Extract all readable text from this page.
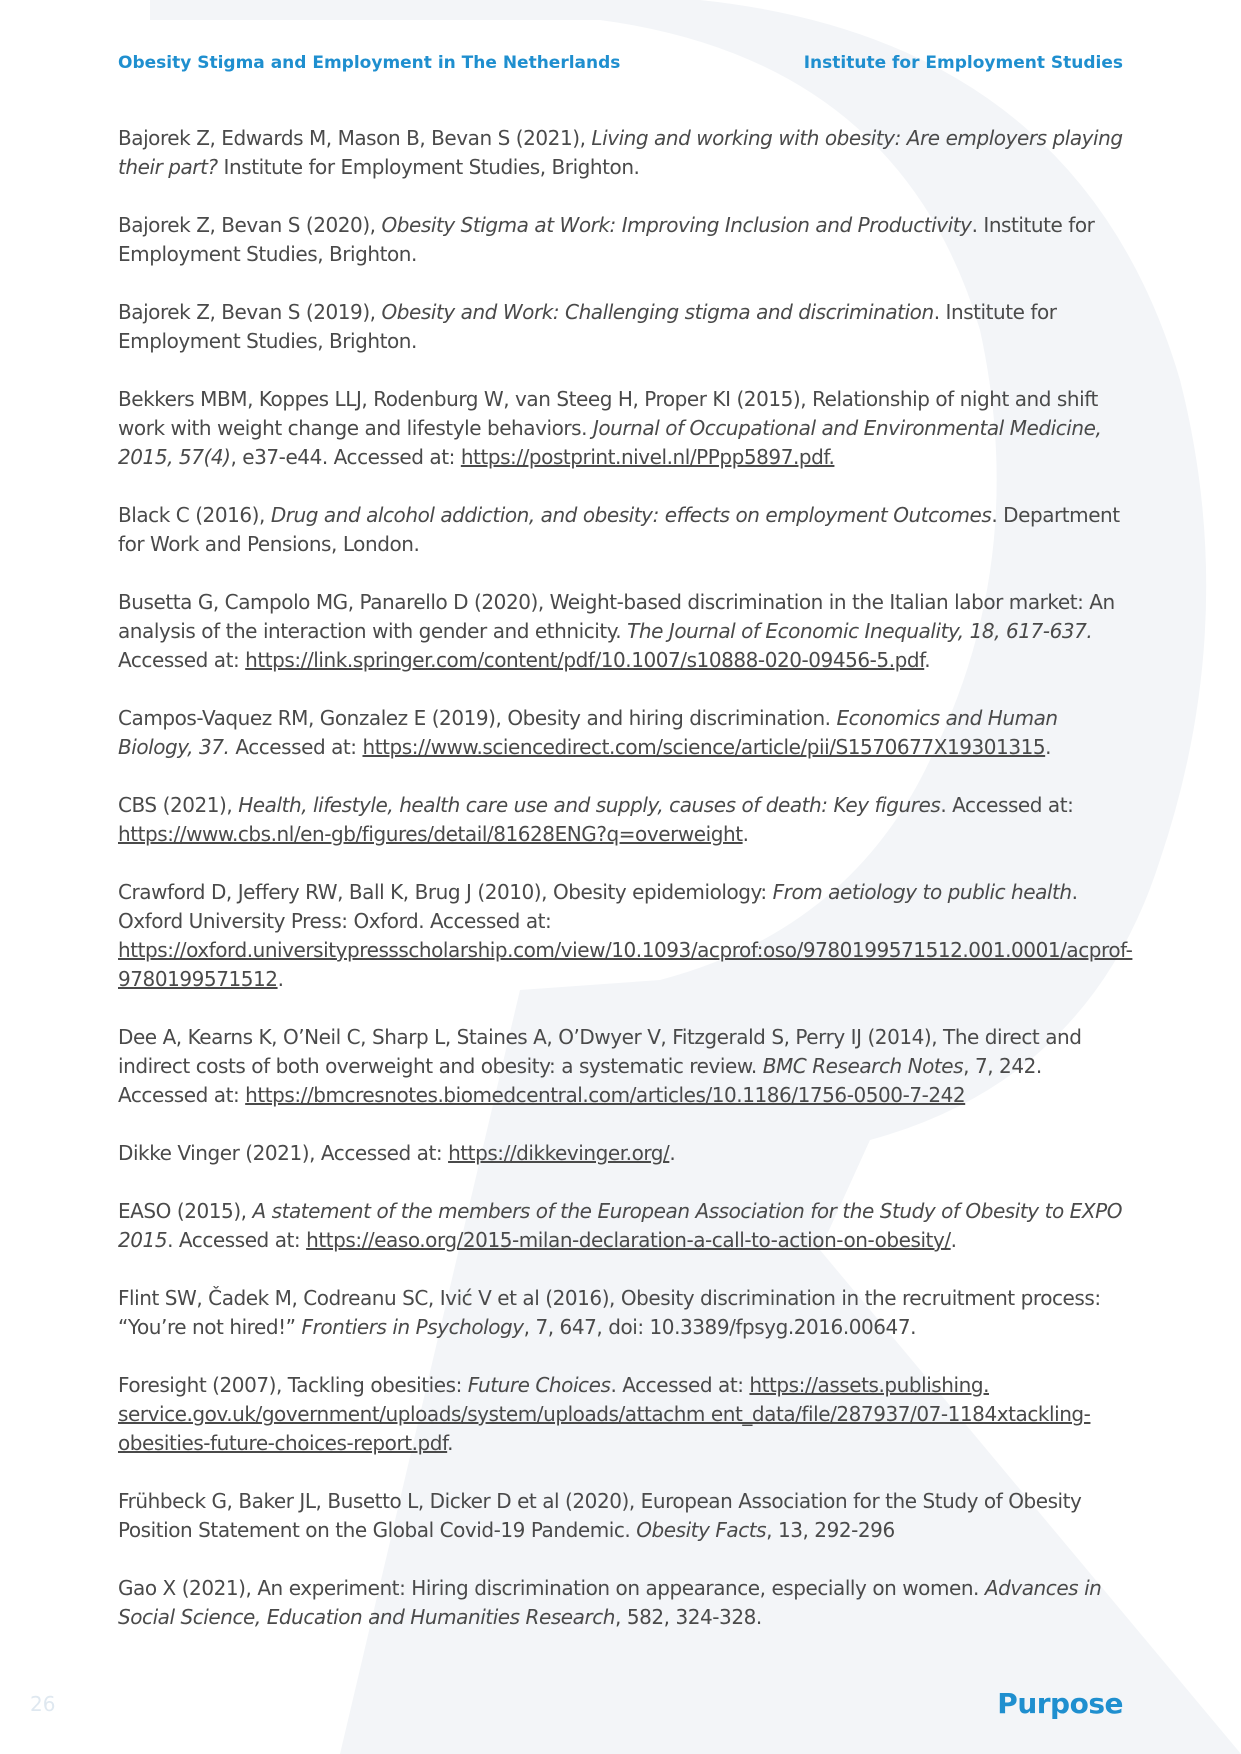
Obesity Stigma and Employment in The Netherlands	Institute for Employment Studies

Bajorek Z, Edwards M, Mason B, Bevan S (2021), Living and working with obesity: Are employers playing their part? Institute for Employment Studies, Brighton.

Bajorek Z, Bevan S (2020), Obesity Stigma at Work: Improving Inclusion and Productivity. Institute for Employment Studies, Brighton.

Bajorek Z, Bevan S (2019), Obesity and Work: Challenging stigma and discrimination. Institute for Employment Studies, Brighton.

Bekkers MBM, Koppes LLJ, Rodenburg W, van Steeg H, Proper KI (2015), Relationship of night and shift work with weight change and lifestyle behaviors. Journal of Occupational and Environmental Medicine, 2015, 57(4), e37-e44. Accessed at: https://postprint.nivel.nl/PPpp5897.pdf.

Black C (2016), Drug and alcohol addiction, and obesity: effects on employment Outcomes. Department for Work and Pensions, London.

Busetta G, Campolo MG, Panarello D (2020), Weight-based discrimination in the Italian labor market: An analysis of the interaction with gender and ethnicity. The Journal of Economic Inequality, 18, 617-637. Accessed at: https://link.springer.com/content/pdf/10.1007/s10888-020-09456-5.pdf.

Campos-Vaquez RM, Gonzalez E (2019), Obesity and hiring discrimination. Economics and Human Biology, 37. Accessed at: https://www.sciencedirect.com/science/article/pii/S1570677X19301315.

CBS (2021), Health, lifestyle, health care use and supply, causes of death: Key figures. Accessed at: https://www.cbs.nl/en-gb/figures/detail/81628ENG?q=overweight.

Crawford D, Jeffery RW, Ball K, Brug J (2010), Obesity epidemiology: From aetiology to public health. Oxford University Press: Oxford. Accessed at: https://oxford.universitypressscholarship.com/view/10.1093/acprof:oso/9780199571512.001.0001/acprof-9780199571512.

Dee A, Kearns K, O’Neil C, Sharp L, Staines A, O’Dwyer V, Fitzgerald S, Perry IJ (2014), The direct and indirect costs of both overweight and obesity: a systematic review. BMC Research Notes, 7, 242. Accessed at: https://bmcresnotes.biomedcentral.com/articles/10.1186/1756-0500-7-242

Dikke Vinger (2021), Accessed at: https://dikkevinger.org/.

EASO (2015), A statement of the members of the European Association for the Study of Obesity to EXPO 2015. Accessed at: https://easo.org/2015-milan-declaration-a-call-to-action-on-obesity/.

Flint SW, Čadek M, Codreanu SC, Ivić V et al (2016), Obesity discrimination in the recruitment process: “You’re not hired!” Frontiers in Psychology, 7, 647, doi: 10.3389/fpsyg.2016.00647.

Foresight (2007), Tackling obesities: Future Choices. Accessed at: https://assets.publishing. service.gov.uk/government/uploads/system/uploads/attachm ent_data/file/287937/07-1184xtackling-obesities-future-choices-report.pdf.

Frühbeck G, Baker JL, Busetto L, Dicker D et al (2020), European Association for the Study of Obesity Position Statement on the Global Covid-19 Pandemic. Obesity Facts, 13, 292-296

Gao X (2021), An experiment: Hiring discrimination on appearance, especially on women. Advances in Social Science, Education and Humanities Research, 582, 324-328.

26	Purpose
